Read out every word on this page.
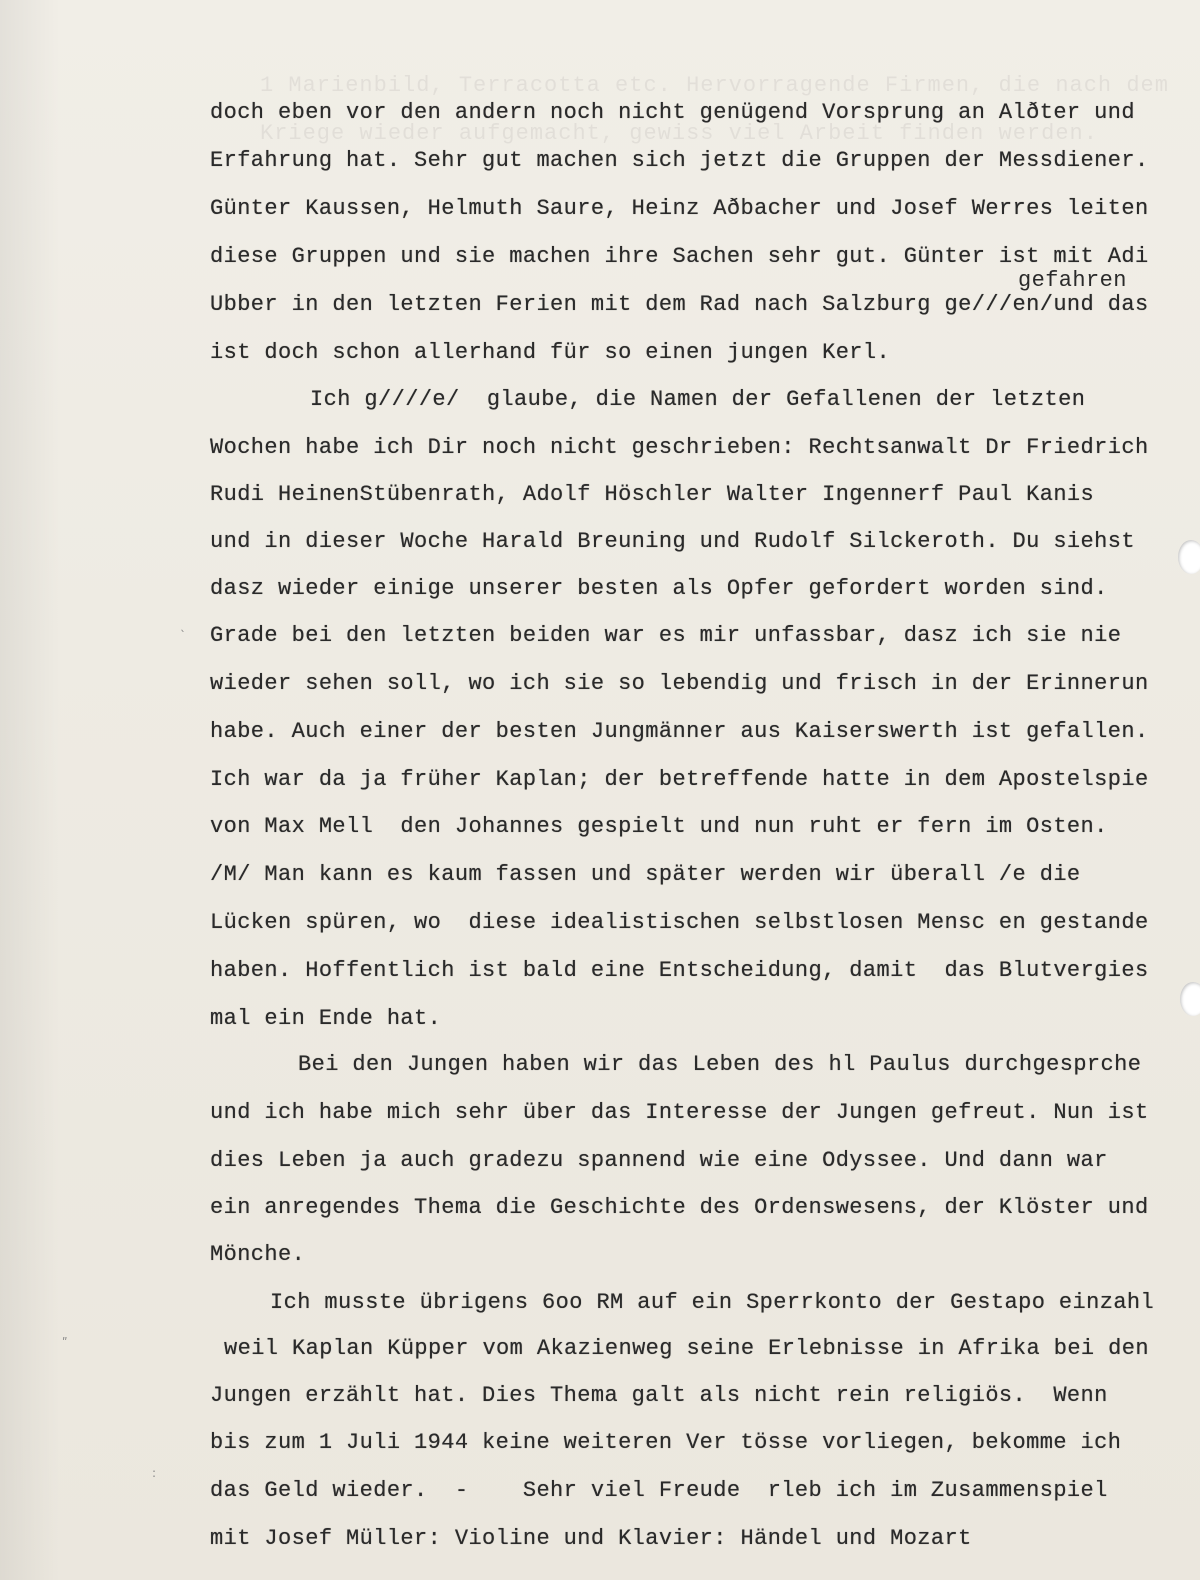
1 Marienbild, Terracotta etc. Hervorragende Firmen, die nach dem Kriege wieder aufgemacht, gewiss viel Arbeit finden werden.
gefahren
doch eben vor den andern noch nicht genügend Vorsprung an Alðter und
Erfahrung hat. Sehr gut machen sich jetzt die Gruppen der Messdiener.
Günter Kaussen, Helmuth Saure, Heinz Aðbacher und Josef Werres leiten
diese Gruppen und sie machen ihre Sachen sehr gut. Günter ist mit Adi
Ubber in den letzten Ferien mit dem Rad nach Salzburg ge///en/und das
ist doch schon allerhand für so einen jungen Kerl.
Ich g////e/  glaube, die Namen der Gefallenen der letzten
Wochen habe ich Dir noch nicht geschrieben: Rechtsanwalt Dr Friedrich
Rudi HeinenStübenrath, Adolf Höschler Walter Ingennerf Paul Kanis
und in dieser Woche Harald Breuning und Rudolf Silckeroth. Du siehst
dasz wieder einige unserer besten als Opfer gefordert worden sind.
Grade bei den letzten beiden war es mir unfassbar, dasz ich sie nie
wieder sehen soll, wo ich sie so lebendig und frisch in der Erinnerun
habe. Auch einer der besten Jungmänner aus Kaiserswerth ist gefallen.
Ich war da ja früher Kaplan; der betreffende hatte in dem Apostelspie
von Max Mell  den Johannes gespielt und nun ruht er fern im Osten.
/M/ Man kann es kaum fassen und später werden wir überall /e die
Lücken spüren, wo  diese idealistischen selbstlosen Mensc en gestande
haben. Hoffentlich ist bald eine Entscheidung, damit  das Blutvergies
mal ein Ende hat.
Bei den Jungen haben wir das Leben des hl Paulus durchgesprche
und ich habe mich sehr über das Interesse der Jungen gefreut. Nun ist
dies Leben ja auch gradezu spannend wie eine Odyssee. Und dann war
ein anregendes Thema die Geschichte des Ordenswesens, der Klöster und
Mönche.
Ich musste übrigens 6oo RM auf ein Sperrkonto der Gestapo einzahl
weil Kaplan Küpper vom Akazienweg seine Erlebnisse in Afrika bei den
Jungen erzählt hat. Dies Thema galt als nicht rein religiös.  Wenn
bis zum 1 Juli 1944 keine weiteren Ver tösse vorliegen, bekomme ich
das Geld wieder.  -    Sehr viel Freude  rleb ich im Zusammenspiel
mit Josef Müller: Violine und Klavier: Händel und Mozart
ˎ
ʺ
:
